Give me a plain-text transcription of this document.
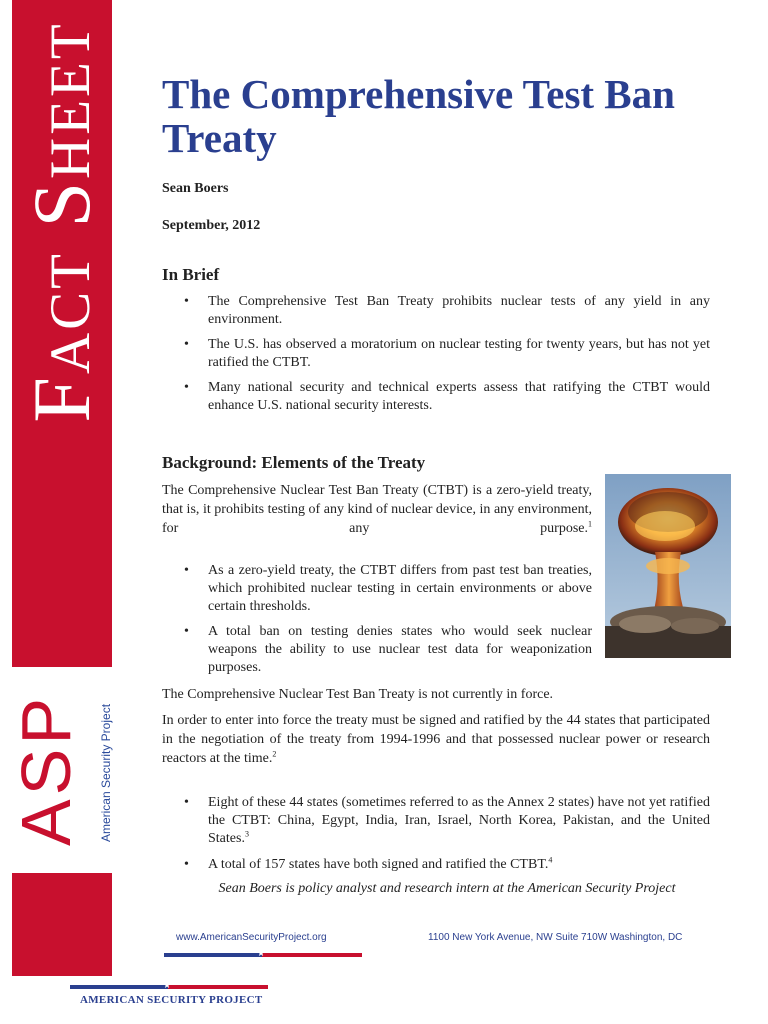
Fact Sheet
ASP American Security Project
The Comprehensive Test Ban Treaty
Sean Boers
September, 2012
In Brief
• The Comprehensive Test Ban Treaty prohibits nuclear tests of any yield in any environment.
• The U.S. has observed a moratorium on nuclear testing for twenty years, but has not yet ratified the CTBT.
• Many national security and technical experts assess that ratifying the CTBT would enhance U.S. national security interests.
Background: Elements of the Treaty

The Comprehensive Nuclear Test Ban Treaty (CTBT) is a zero-yield treaty, that is, it prohibits testing of any kind of nuclear device, in any environment, for any purpose.$^1$

• As a zero-yield treaty, the CTBT differs from past test ban treaties, which prohibited nuclear testing in certain environments or above certain thresholds.
• A total ban on testing denies states who would seek nuclear weapons the ability to use nuclear test data for weaponization purposes.

The Comprehensive Nuclear Test Ban Treaty is not currently in force.

In order to enter into force the treaty must be signed and ratified by the 44 states that participated in the negotiation of the treaty from 1994-1996 and that possessed nuclear power or research reactors at the time.$^2$

• Eight of these 44 states (sometimes referred to as the Annex 2 states) have not yet ratified the CTBT: China, Egypt, India, Iran, Israel, North Korea, Pakistan, and the United States.$^3$
• A total of 157 states have both signed and ratified the CTBT.$^4$
Sean Boers is policy analyst and research intern at the American Security Project
www.AmericanSecurityProject.org	1100 New York Avenue, NW Suite 710W Washington, DC
★
★
AMERICAN SECURITY PROJECT
